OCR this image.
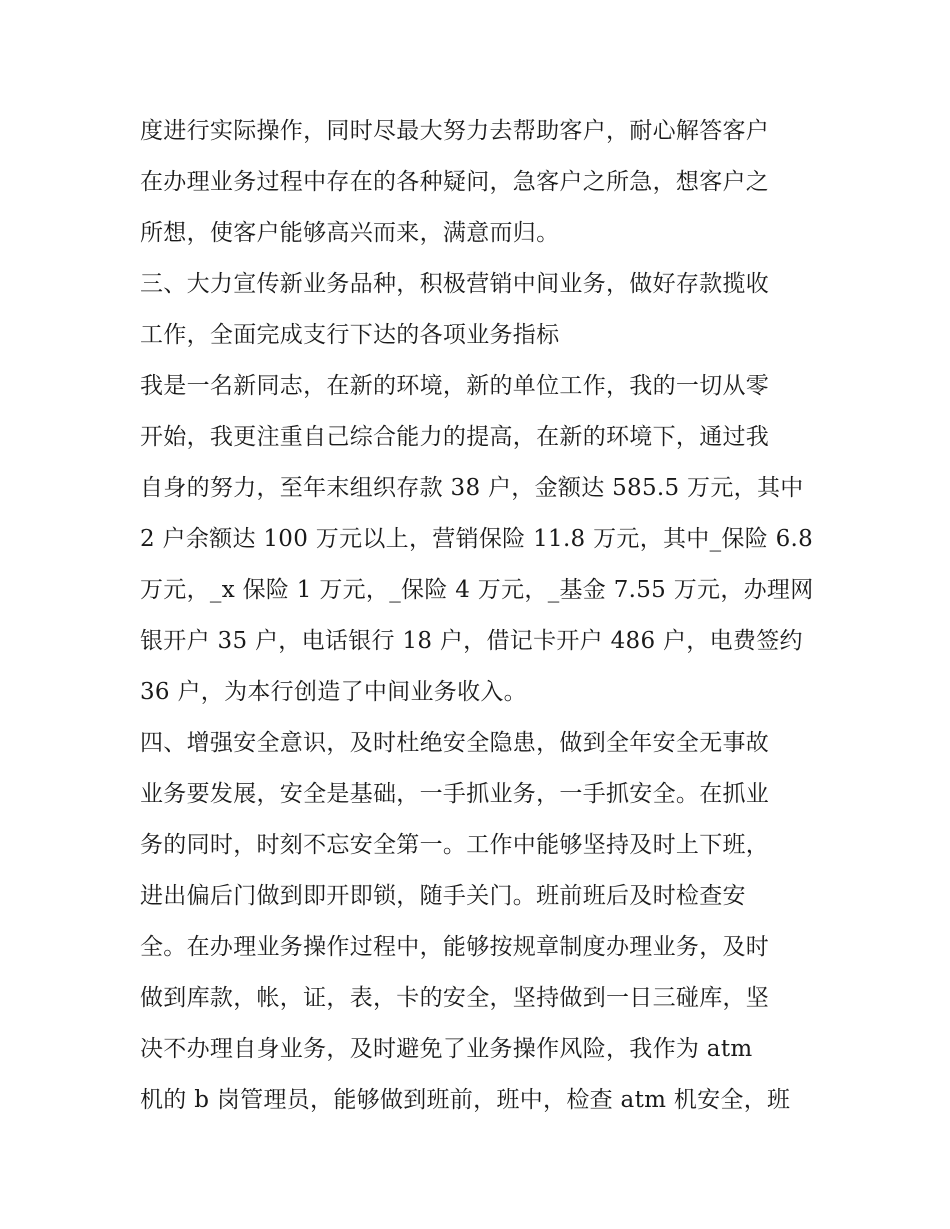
度进行实际操作，同时尽最大努力去帮助客户，耐心解答客户
在办理业务过程中存在的各种疑问，急客户之所急，想客户之
所想，使客户能够高兴而来，满意而归。
三、大力宣传新业务品种，积极营销中间业务，做好存款揽收
工作，全面完成支行下达的各项业务指标
我是一名新同志，在新的环境，新的单位工作，我的一切从零
开始，我更注重自己综合能力的提高，在新的环境下，通过我
自身的努力，至年末组织存款 38 户，金额达 585.5 万元，其中
2 户余额达 100 万元以上，营销保险 11.8 万元，其中_保险 6.8
万元，_x 保险 1 万元，_保险 4 万元，_基金 7.55 万元，办理网
银开户 35 户，电话银行 18 户，借记卡开户 486 户，电费签约
36 户，为本行创造了中间业务收入。
四、增强安全意识，及时杜绝安全隐患，做到全年安全无事故
业务要发展，安全是基础，一手抓业务，一手抓安全。在抓业
务的同时，时刻不忘安全第一。工作中能够坚持及时上下班，
进出偏后门做到即开即锁，随手关门。班前班后及时检查安
全。在办理业务操作过程中，能够按规章制度办理业务，及时
做到库款，帐，证，表，卡的安全，坚持做到一日三碰库，坚
决不办理自身业务，及时避免了业务操作风险，我作为 atm
机的 b 岗管理员，能够做到班前，班中，检查 atm 机安全，班
